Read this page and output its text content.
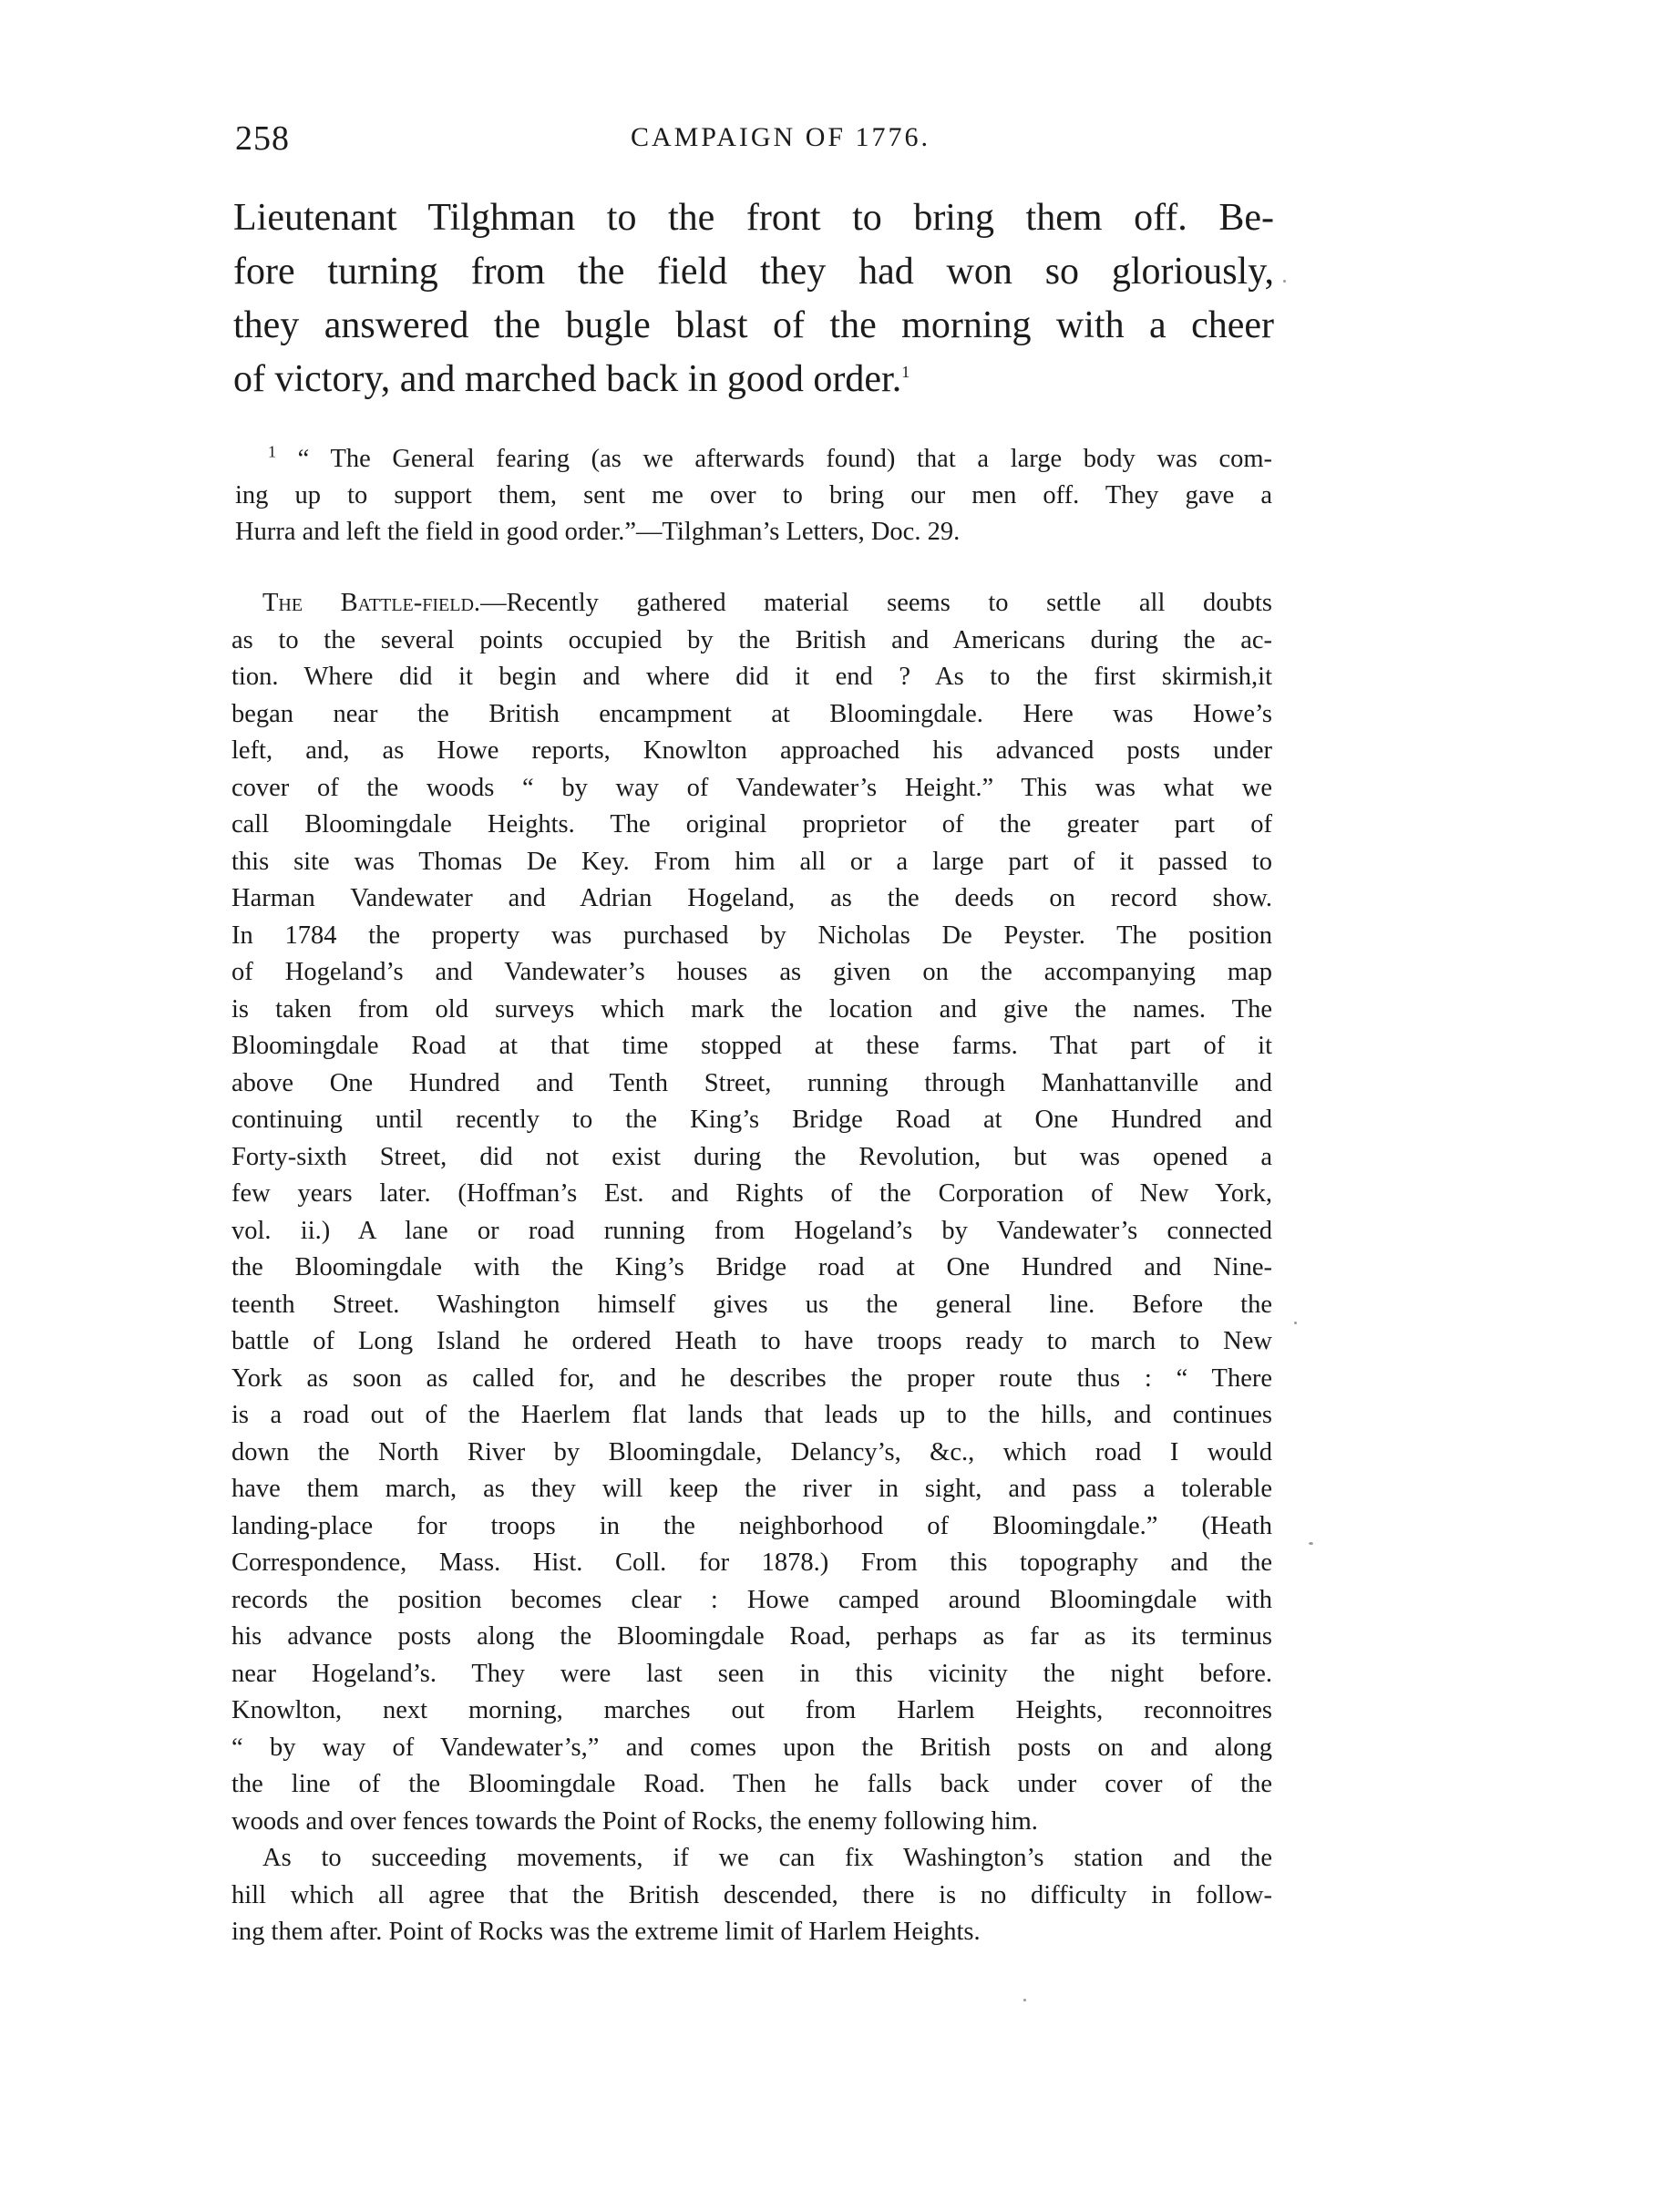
258	CAMPAIGN OF 1776.
Lieutenant Tilghman to the front to bring them off. Be-
fore turning from the field they had won so gloriously,
they answered the bugle blast of the morning with a cheer
of victory, and marched back in good order.$^1$
$^1$ “ The General fearing (as we afterwards found) that a large body was com-
ing up to support them, sent me over to bring our men off. They gave a
Hurra and left the field in good order.”—Tilghman’s Letters, Doc. 29.
The Battle-field.—Recently gathered material seems to settle all doubts
as to the several points occupied by the British and Americans during the ac-
tion. Where did it begin and where did it end ? As to the first skirmish,it
began near the British encampment at Bloomingdale. Here was Howe’s
left, and, as Howe reports, Knowlton approached his advanced posts under
cover of the woods “ by way of Vandewater’s Height.” This was what we
call Bloomingdale Heights. The original proprietor of the greater part of
this site was Thomas De Key. From him all or a large part of it passed to
Harman Vandewater and Adrian Hogeland, as the deeds on record show.
In 1784 the property was purchased by Nicholas De Peyster. The position
of Hogeland’s and Vandewater’s houses as given on the accompanying map
is taken from old surveys which mark the location and give the names. The
Bloomingdale Road at that time stopped at these farms. That part of it
above One Hundred and Tenth Street, running through Manhattanville and
continuing until recently to the King’s Bridge Road at One Hundred and
Forty-sixth Street, did not exist during the Revolution, but was opened a
few years later. (Hoffman’s Est. and Rights of the Corporation of New York,
vol. ii.) A lane or road running from Hogeland’s by Vandewater’s connected
the Bloomingdale with the King’s Bridge road at One Hundred and Nine-
teenth Street. Washington himself gives us the general line. Before the
battle of Long Island he ordered Heath to have troops ready to march to New
York as soon as called for, and he describes the proper route thus : “ There
is a road out of the Haerlem flat lands that leads up to the hills, and continues
down the North River by Bloomingdale, Delancy’s, &c., which road I would
have them march, as they will keep the river in sight, and pass a tolerable
landing-place for troops in the neighborhood of Bloomingdale.” (Heath
Correspondence, Mass. Hist. Coll. for 1878.) From this topography and the
records the position becomes clear : Howe camped around Bloomingdale with
his advance posts along the Bloomingdale Road, perhaps as far as its terminus
near Hogeland’s. They were last seen in this vicinity the night before.
Knowlton, next morning, marches out from Harlem Heights, reconnoitres
“ by way of Vandewater’s,” and comes upon the British posts on and along
the line of the Bloomingdale Road. Then he falls back under cover of the
woods and over fences towards the Point of Rocks, the enemy following him.
As to succeeding movements, if we can fix Washington’s station and the
hill which all agree that the British descended, there is no difficulty in follow-
ing them after. Point of Rocks was the extreme limit of Harlem Heights.
